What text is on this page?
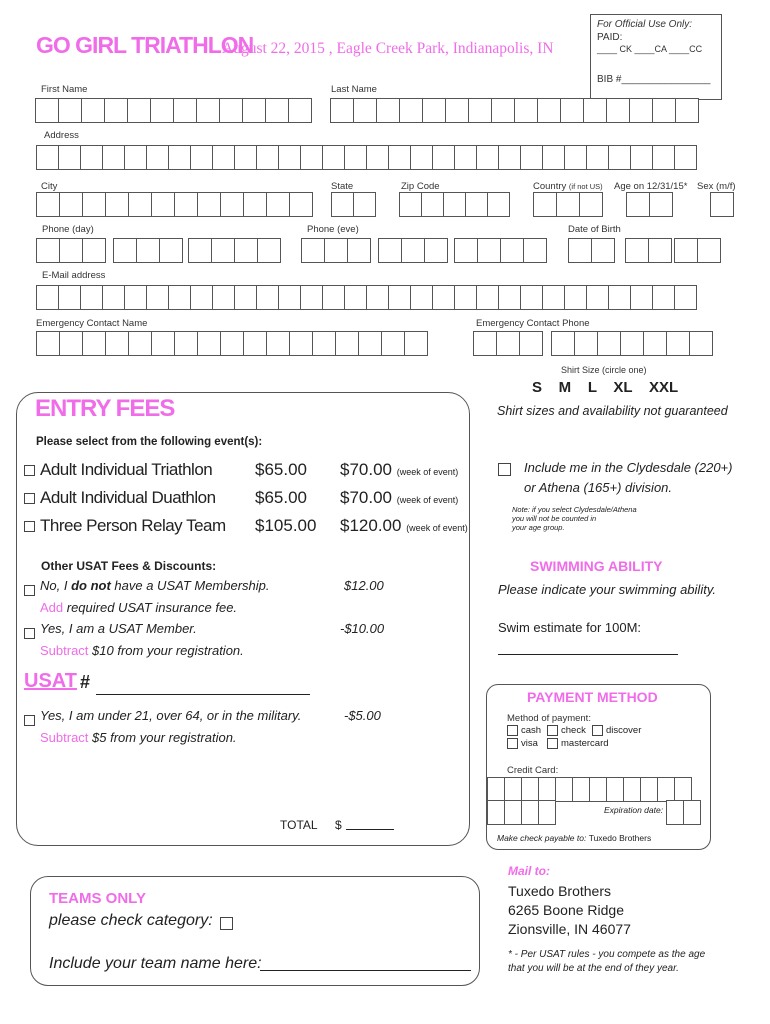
GO GIRL TRIATHLON
August 22, 2015 , Eagle Creek Park, Indianapolis, IN
For Official Use Only:
PAID:
____ CK ____CA ____CC
BIB #________________
First Name	Last Name
Address
City	State	Zip Code	Country (if not US) Age on 12/31/15* Sex (m/f)
Phone (day)	Phone (eve)	Date of Birth
E-Mail address
Emergency Contact Name	Emergency Contact Phone
Shirt Size (circle one)
S    M    L    XL    XXL
Shirt sizes and availability not guaranteed
ENTRY FEES
Please select from the following event(s):
Adult Individual Triathlon	$65.00 $70.00 (week of event)
Adult Individual Duathlon $65.00 $70.00 (week of event)
Three Person Relay Team $105.00 $120.00 (week of event)
Other USAT Fees & Discounts:
No, I do not have a USAT Membership.	$12.00
Add required USAT insurance fee.
Yes, I am a USAT Member.	-$10.00
Subtract $10 from your registration.
USAT #
Yes, I am under 21, over 64, or in the military.	-$5.00
Subtract $5 from your registration.
TOTAL $
Include me in the Clydesdale (220+)
or Athena (165+) division.
Note: if you select Clydesdale/Athena
you will not be counted in
your age group.
SWIMMING ABILITY
Please indicate your swimming ability.
Swim estimate for 100M:
PAYMENT METHOD
Method of payment:
cash	check	discover
visa	mastercard
Credit Card:
Expiration date:
Make check payable to: Tuxedo Brothers
Mail to:
Tuxedo Brothers
6265 Boone Ridge
Zionsville, IN 46077
* - Per USAT rules - you compete as the age
that you will be at the end of they year.
TEAMS ONLY
please check category:
Include your team name here:
